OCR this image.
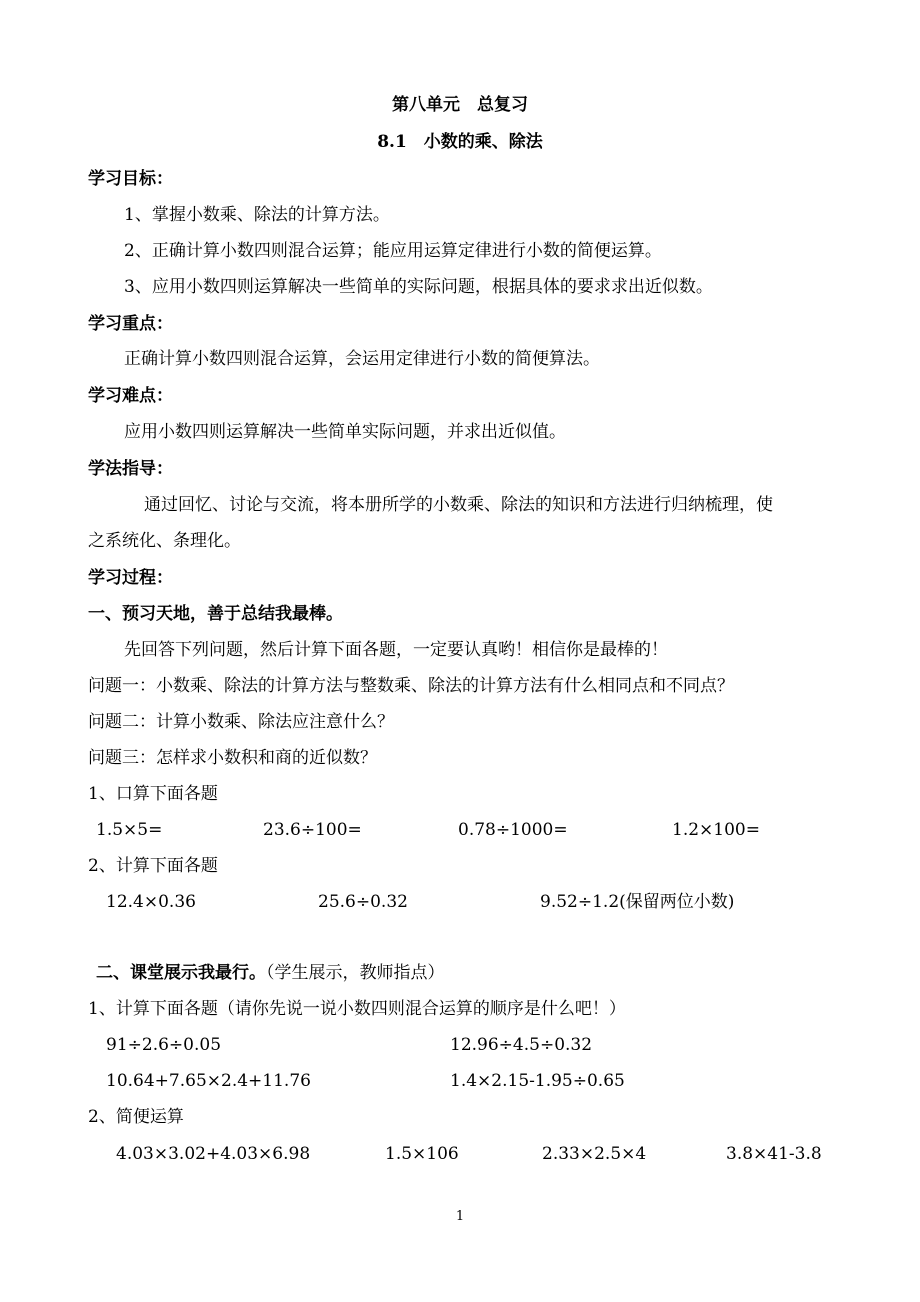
第八单元　总复习
8.1　小数的乘、除法
学习目标：
1、掌握小数乘、除法的计算方法。
2、正确计算小数四则混合运算；能应用运算定律进行小数的简便运算。
3、应用小数四则运算解决一些简单的实际问题，根据具体的要求求出近似数。
学习重点：
正确计算小数四则混合运算，会运用定律进行小数的简便算法。
学习难点：
应用小数四则运算解决一些简单实际问题，并求出近似值。
学法指导：
通过回忆、讨论与交流，将本册所学的小数乘、除法的知识和方法进行归纳梳理，使
之系统化、条理化。
学习过程：
一、预习天地，善于总结我最棒。
先回答下列问题，然后计算下面各题，一定要认真哟！相信你是最棒的！
问题一：小数乘、除法的计算方法与整数乘、除法的计算方法有什么相同点和不同点？
问题二：计算小数乘、除法应注意什么？
问题三：怎样求小数积和商的近似数？
1、口算下面各题
1.5×5=	23.6÷100=	0.78÷1000=	1.2×100=
2、计算下面各题
12.4×0.36	25.6÷0.32	9.52÷1.2(保留两位小数)
二、课堂展示我最行。（学生展示，教师指点）
1、计算下面各题（请你先说一说小数四则混合运算的顺序是什么吧！）
91÷2.6÷0.05	12.96÷4.5÷0.32
10.64+7.65×2.4+11.76	1.4×2.15-1.95÷0.65
2、简便运算
4.03×3.02+4.03×6.98	1.5×106	2.33×2.5×4	3.8×41-3.8
1
